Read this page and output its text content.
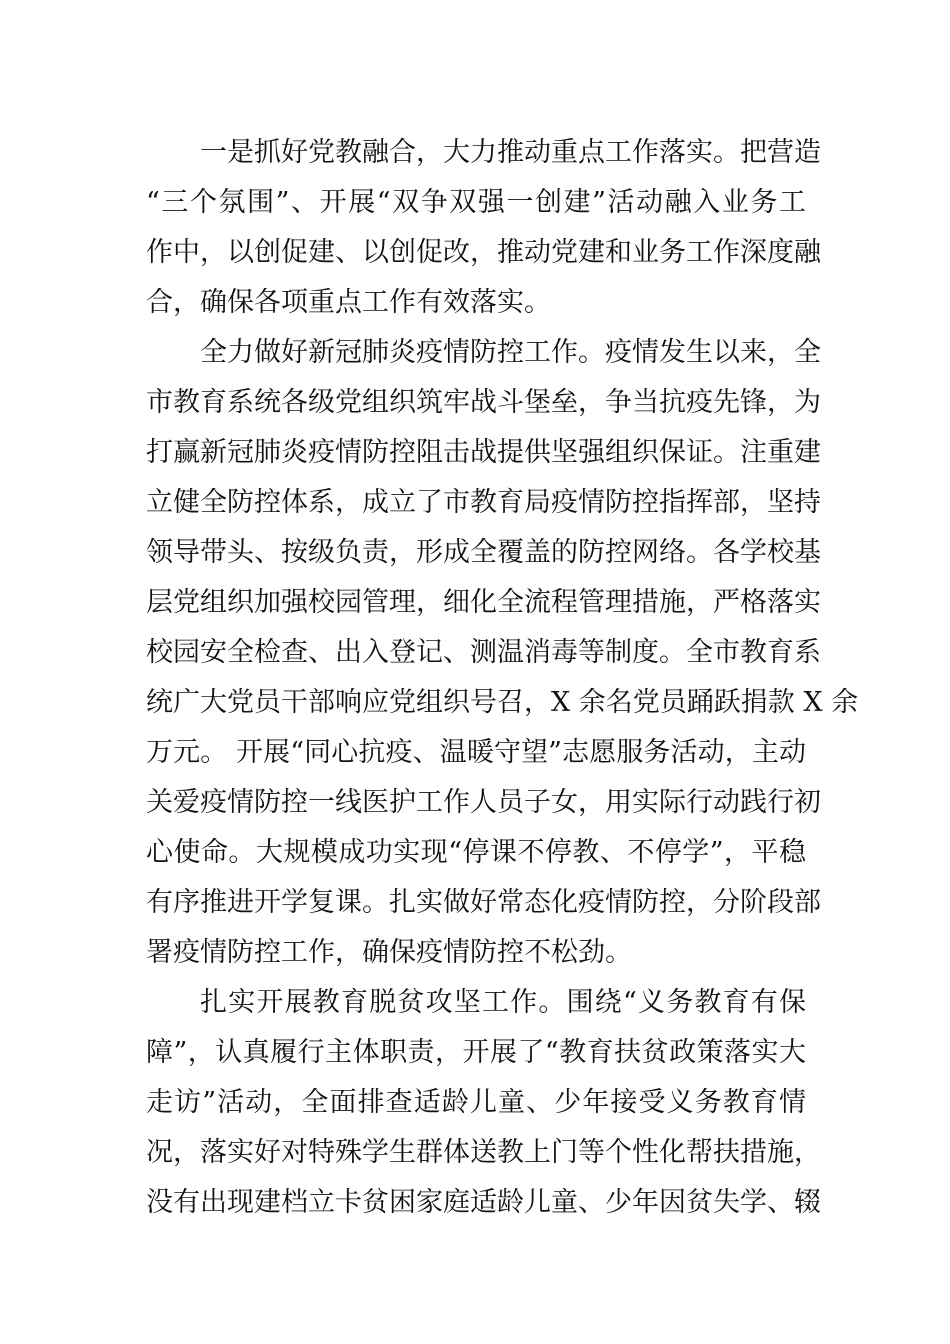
一是抓好党教融合，大力推动重点工作落实。把营造
“三个氛围”、开展“双争双强一创建”活动融入业务工
作中，以创促建、以创促改，推动党建和业务工作深度融
合，确保各项重点工作有效落实。
全力做好新冠肺炎疫情防控工作。疫情发生以来，全
市教育系统各级党组织筑牢战斗堡垒，争当抗疫先锋，为
打赢新冠肺炎疫情防控阻击战提供坚强组织保证。注重建
立健全防控体系，成立了市教育局疫情防控指挥部，坚持
领导带头、按级负责，形成全覆盖的防控网络。各学校基
层党组织加强校园管理，细化全流程管理措施，严格落实
校园安全检查、出入登记、测温消毒等制度。全市教育系
统广大党员干部响应党组织号召，X 余名党员踊跃捐款 X 余
万元。 开展“同心抗疫、温暖守望”志愿服务活动，主动
关爱疫情防控一线医护工作人员子女，用实际行动践行初
心使命。大规模成功实现“停课不停教、不停学”，平稳
有序推进开学复课。扎实做好常态化疫情防控，分阶段部
署疫情防控工作，确保疫情防控不松劲。
扎实开展教育脱贫攻坚工作。围绕“义务教育有保
障”，认真履行主体职责，开展了“教育扶贫政策落实大
走访”活动，全面排查适龄儿童、少年接受义务教育情
况，落实好对特殊学生群体送教上门等个性化帮扶措施，
没有出现建档立卡贫困家庭适龄儿童、少年因贫失学、辍
